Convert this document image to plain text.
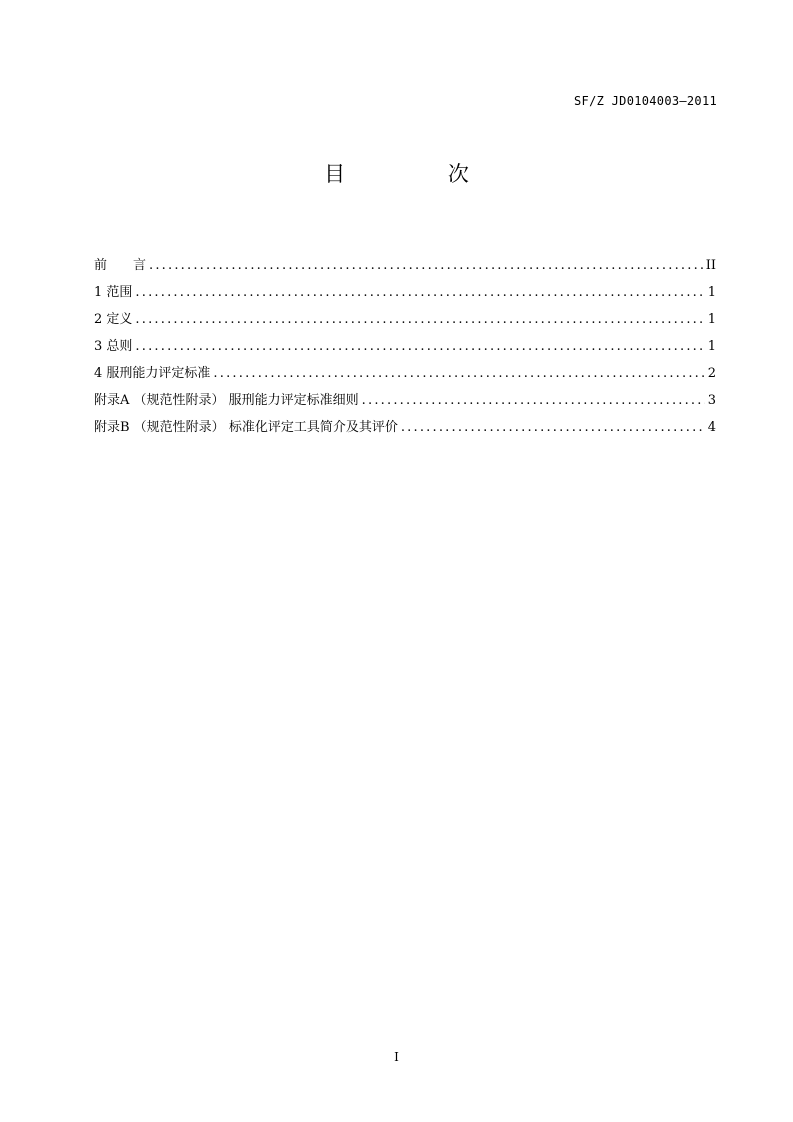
SF/Z JD0104003—2011
目 次
前　　言 .....	II
1 范围 .....	1
2 定义 .....	1
3 总则 .....	1
4 服刑能力评定标准 .....	2
附录A （规范性附录） 服刑能力评定标准细则 .....	3
附录B （规范性附录） 标准化评定工具简介及其评价 .....	4
I
